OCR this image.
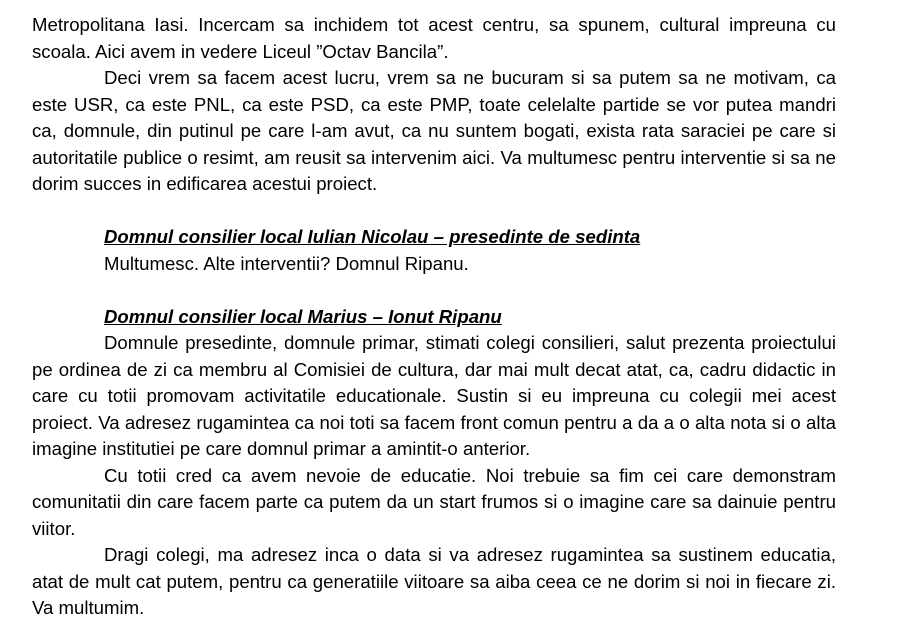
Metropolitana Iasi. Incercam sa inchidem tot acest centru, sa spunem, cultural impreuna cu scoala. Aici avem in vedere Liceul ”Octav Bancila”.

Deci vrem sa facem acest lucru, vrem sa ne bucuram si sa putem sa ne motivam, ca este USR, ca este PNL, ca este PSD, ca este PMP, toate celelalte partide se vor putea mandri ca, domnule, din putinul pe care l-am avut, ca nu suntem bogati, exista rata saraciei pe care si autoritatile publice o resimt, am reusit sa intervenim aici. Va multumesc pentru interventie si sa ne dorim succes in edificarea acestui proiect.

Domnul consilier local Iulian Nicolau – presedinte de sedinta

Multumesc. Alte interventii? Domnul Ripanu.

Domnul consilier local Marius – Ionut Ripanu

Domnule presedinte, domnule primar, stimati colegi consilieri, salut prezenta proiectului pe ordinea de zi ca membru al Comisiei de cultura, dar mai mult decat atat, ca, cadru didactic in care cu totii promovam activitatile educationale. Sustin si eu impreuna cu colegii mei acest proiect. Va adresez rugamintea ca noi toti sa facem front comun pentru a da a o alta nota si o alta imagine institutiei pe care domnul primar a amintit-o anterior.

Cu totii cred ca avem nevoie de educatie. Noi trebuie sa fim cei care demonstram comunitatii din care facem parte ca putem da un start frumos si o imagine care sa dainuie pentru viitor.

Dragi colegi, ma adresez inca o data si va adresez rugamintea sa sustinem educatia, atat de mult cat putem, pentru ca generatiile viitoare sa aiba ceea ce ne dorim si noi in fiecare zi. Va multumim.
